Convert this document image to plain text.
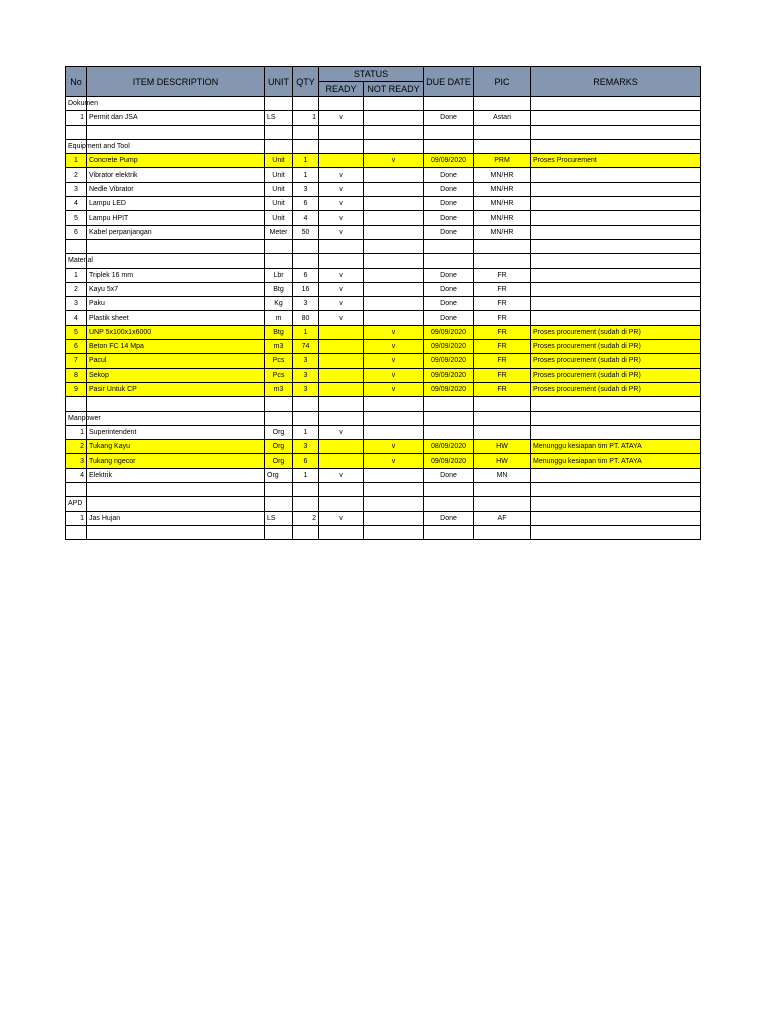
No	ITEM DESCRIPTION	UNIT	QTY	STATUS		DUE DATE	PIC	REMARKS
				READY	NOT READY			
Dokumen								
1	Permit dan JSA	LS	1	v		Done	Astari	

Equipment and Tool								
1	Concrete Pump	Unit	1		v	09/09/2020	PRM	Proses Procurement
2	Vibrator elektrik	Unit	1	v		Done	MN/HR	
3	Nedle Vibrator	Unit	3	v		Done	MN/HR	
4	Lampu LED	Unit	6	v		Done	MN/HR	
5	Lampu HPIT	Unit	4	v		Done	MN/HR	
6	Kabel perpanjangan	Meter	50	v		Done	MN/HR	

Material								
1	Triplek 16 mm	Lbr	6	v		Done	FR	
2	Kayu 5x7	Btg	16	v		Done	FR	
3	Paku	Kg	3	v		Done	FR	
4	Plastik sheet	m	80	v		Done	FR	
5	UNP 5x100x1x6000	Btg	1		v	09/09/2020	FR	Proses procurement (sudah di PR)
6	Beton FC 14 Mpa	m3	74		v	09/09/2020	FR	Proses procurement (sudah di PR)
7	Pacul	Pcs	3		v	09/09/2020	FR	Proses procurement (sudah di PR)
8	Sekop	Pcs	3		v	09/09/2020	FR	Proses procurement (sudah di PR)
9	Pasir Untuk CP	m3	3		v	09/09/2020	FR	Proses procurement (sudah di PR)

Manpower								
1	Superintendent	Org	1	v				
2	Tukang Kayu	Org	3		v	08/09/2020	HW	Menunggu kesiapan tim PT. ATAYA
3	Tukang ngecor	Org	6		v	09/09/2020	HW	Menunggu kesiapan tim PT. ATAYA
4	Elektrik	Org	1	v		Done	MN	

APD								
1	Jas Hujan	LS	2	v		Done	AF	
